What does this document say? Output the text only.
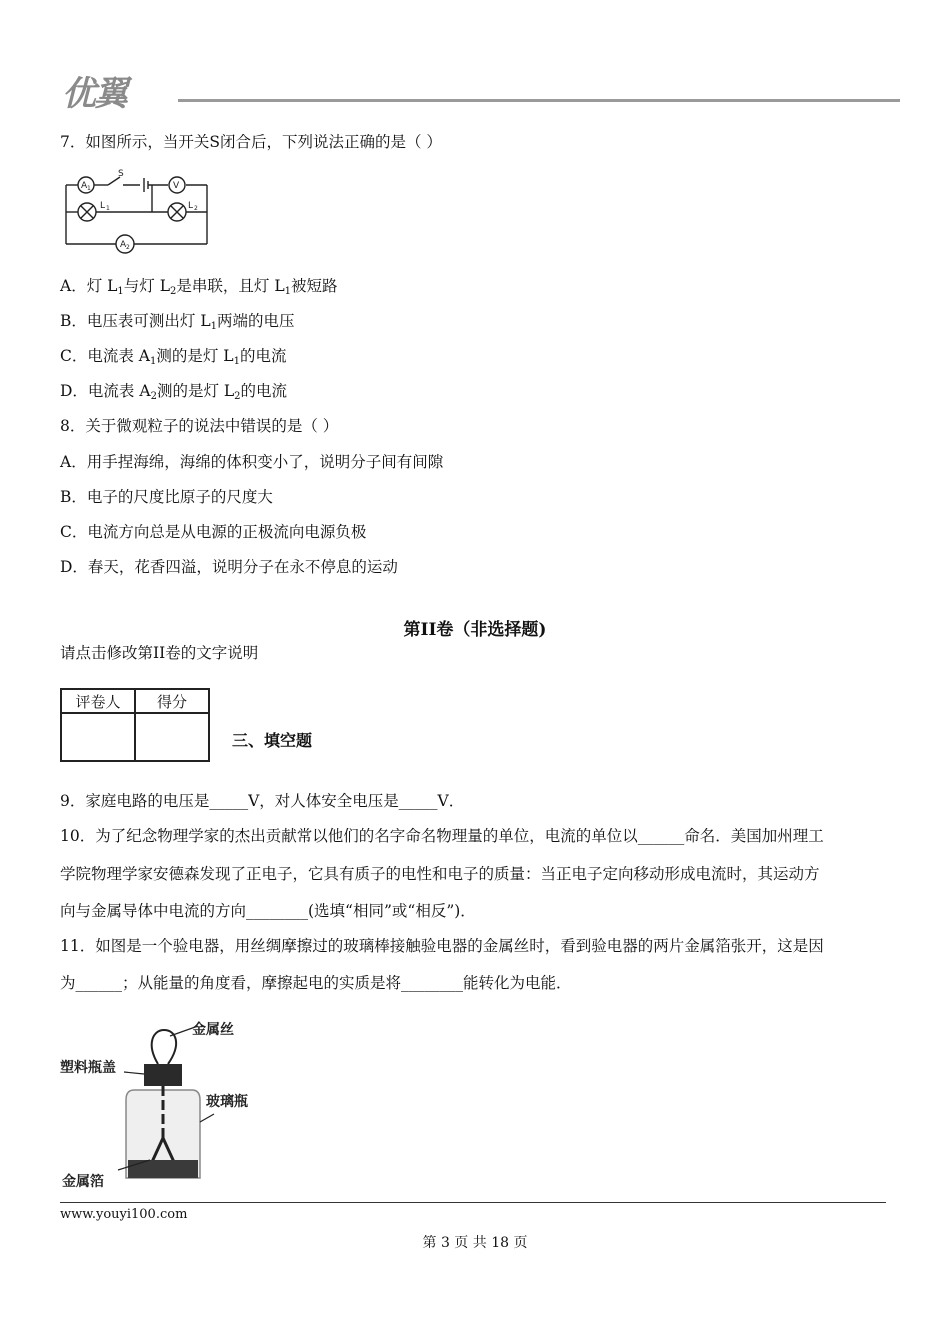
优翼
7．如图所示，当开关S闭合后，下列说法正确的是（ ）
A 1
S
V
L 1	L 2
A 2
A．灯 $L_1$与灯 $L_2$是串联，且灯 $L_1$被短路
B．电压表可测出灯 $L_1$两端的电压
C．电流表 $A_1$测的是灯 $L_1$的电流
D．电流表 $A_2$测的是灯 $L_2$的电流
8．关于微观粒子的说法中错误的是（ ）
A．用手捏海绵，海绵的体积变小了，说明分子间有间隙
B．电子的尺度比原子的尺度大
C．电流方向总是从电源的正极流向电源负极
D．春天，花香四溢，说明分子在永不停息的运动
第II卷（非选择题)
请点击修改第II卷的文字说明
评卷人	得分

三、填空题
9．家庭电路的电压是_____V，对人体安全电压是_____V．
10．为了纪念物理学家的杰出贡献常以他们的名字命名物理量的单位，电流的单位以______命名．美国加州理工
学院物理学家安德森发现了正电子，它具有质子的电性和电子的质量：当正电子定向移动形成电流时，其运动方
向与金属导体中电流的方向________(选填“相同”或“相反”)．
11．如图是一个验电器，用丝绸摩擦过的玻璃棒接触验电器的金属丝时，看到验电器的两片金属箔张开，这是因
为______；从能量的角度看，摩擦起电的实质是将________能转化为电能．
金属丝
塑料瓶盖
玻璃瓶
金属箔
www.youyi100.com
第 3 页 共 18 页
